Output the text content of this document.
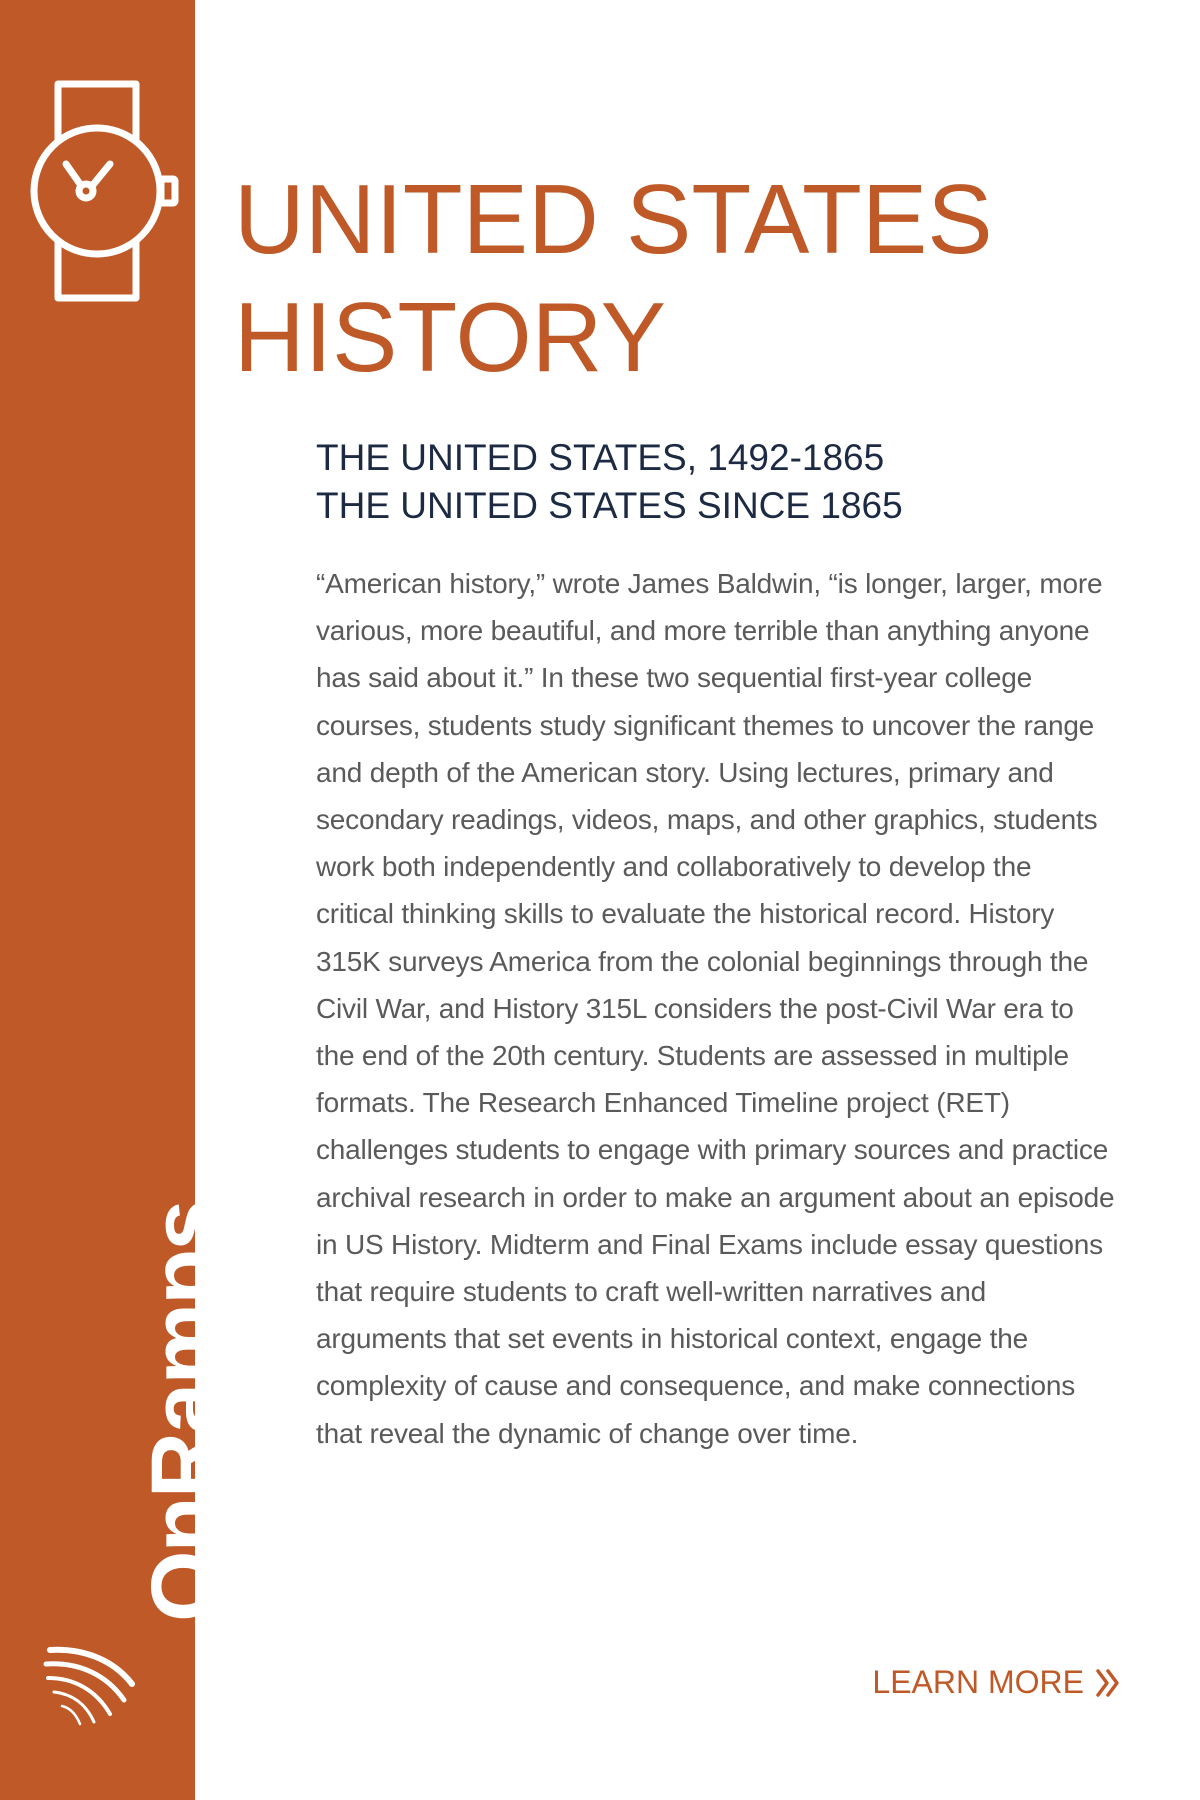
OnRamps
UNITED STATES
HISTORY
THE UNITED STATES, 1492-1865
THE UNITED STATES SINCE 1865

“American history,” wrote James Baldwin, “is longer, larger, more various, more beautiful, and more terrible than anything anyone has said about it.” In these two sequential first-year college courses, students study significant themes to uncover the range and depth of the American story. Using lectures, primary and secondary readings, videos, maps, and other graphics, students work both independently and collaboratively to develop the critical thinking skills to evaluate the historical record. History 315K surveys America from the colonial beginnings through the Civil War, and History 315L considers the post-Civil War era to the end of the 20th century. Students are assessed in multiple formats. The Research Enhanced Timeline project (RET) challenges students to engage with primary sources and practice archival research in order to make an argument about an episode in US History. Midterm and Final Exams include essay questions that require students to craft well-written narratives and arguments that set events in historical context, engage the complexity of cause and consequence, and make connections that reveal the dynamic of change over time.

LEARN MORE
